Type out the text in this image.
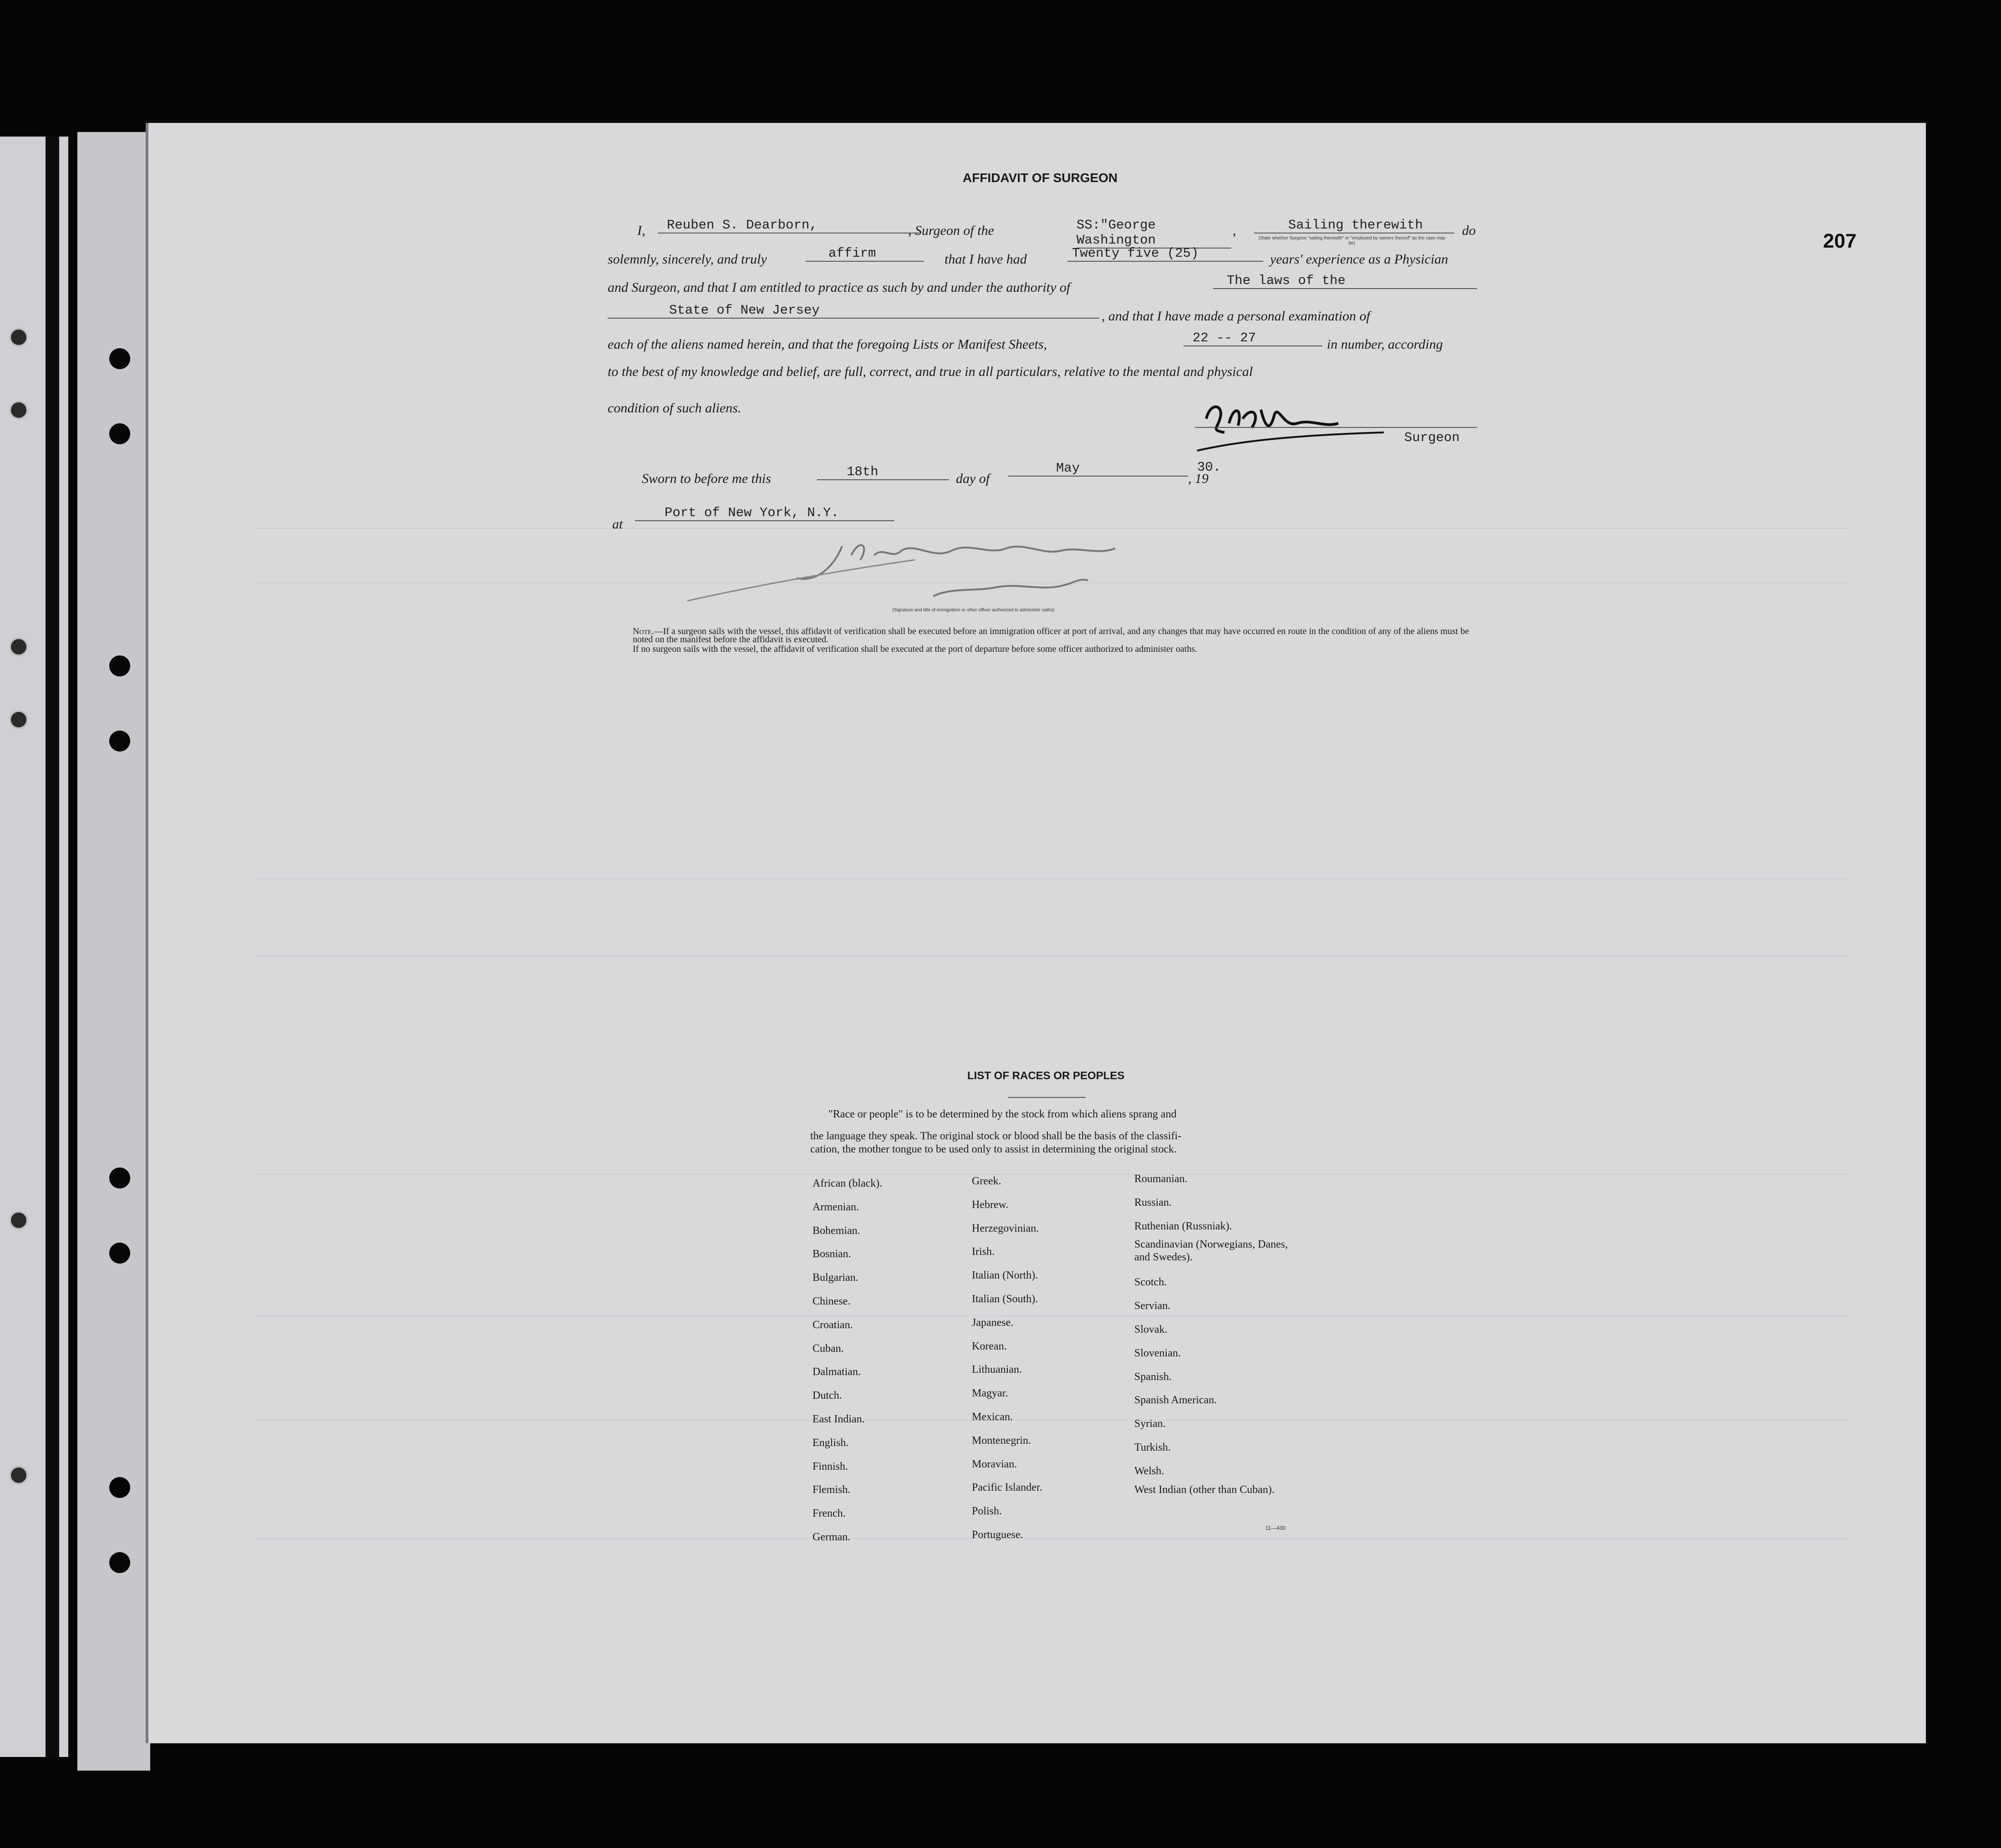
207
AFFIDAVIT OF SURGEON
I,	Reuben S. Dearborn,	, Surgeon of the	SS:"George Washington
,	Sailing therewith	do
(State whether Surgeon "sailing therewith" or "employed by owners thereof" as the case may be)
solemnly, sincerely, and truly	affirm	that I have had	Twenty five (25)	years' experience as a Physician
and Surgeon, and that I am entitled to practice as such by and under the authority of	The laws of the
State of New Jersey	, and that I have made a personal examination of
each of the aliens named herein, and that the foregoing Lists or Manifest Sheets,	22 -- 27	in number, according
to the best of my knowledge and belief, are full, correct, and true in all particulars, relative to the mental and physical
condition of such aliens.
Surgeon
Sworn to before me this	18th	day of
May
, 19
30.
at
Port of New York, N.Y.
(Signature and title of immigration or other officer authorized to administer oaths)
Note.—If a surgeon sails with the vessel, this affidavit of verification shall be executed before an immigration officer at port of arrival, and any changes that may have occurred en route in the condition of any of the aliens must be noted on the manifest before the affidavit is executed.
If no surgeon sails with the vessel, the affidavit of verification shall be executed at the port of departure before some officer authorized to administer oaths.
LIST OF RACES OR PEOPLES
"Race or people" is to be determined by the stock from which aliens sprang and
the language they speak. The original stock or blood shall be the basis of the classifi-
cation, the mother tongue to be used only to assist in determining the original stock.
African (black).
Armenian.
Bohemian.
Bosnian.
Bulgarian.
Chinese.
Croatian.
Cuban.
Dalmatian.
Dutch.
East Indian.
English.
Finnish.
Flemish.
French.
German.
Greek.
Hebrew.
Herzegovinian.
Irish.
Italian (North).
Italian (South).
Japanese.
Korean.
Lithuanian.
Magyar.
Mexican.
Montenegrin.
Moravian.
Pacific Islander.
Polish.
Portuguese.
Roumanian.
Russian.
Ruthenian (Russniak).
Scandinavian (Norwegians, Danes, and Swedes).
Scotch.
Servian.
Slovak.
Slovenian.
Spanish.
Spanish American.
Syrian.
Turkish.
Welsh.
West Indian (other than Cuban).
11—430
